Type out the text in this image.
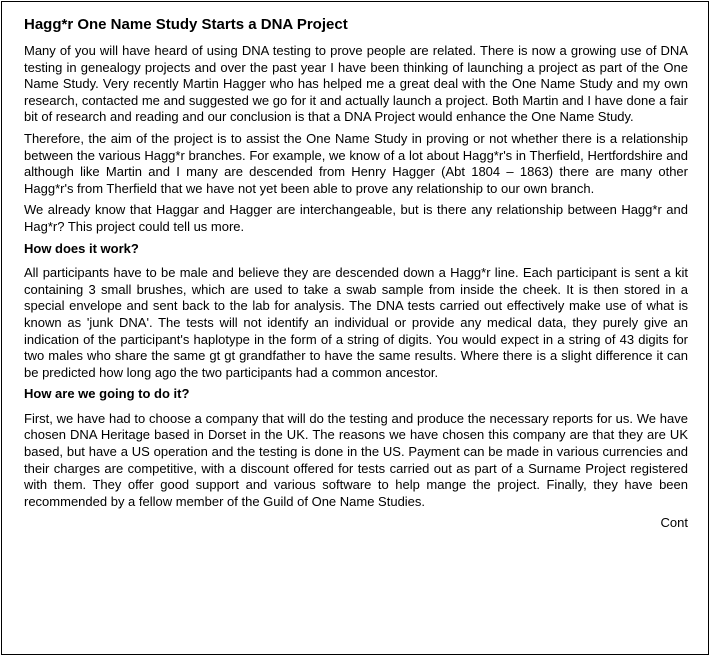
Hagg*r One Name Study Starts a DNA Project

Many of you will have heard of using DNA testing to prove people are related. There is now a growing use of DNA testing in genealogy projects and over the past year I have been thinking of launching a project as part of the One Name Study. Very recently Martin Hagger who has helped me a great deal with the One Name Study and my own research, contacted me and suggested we go for it and actually launch a project. Both Martin and I have done a fair bit of research and reading and our conclusion is that a DNA Project would enhance the One Name Study.

Therefore, the aim of the project is to assist the One Name Study in proving or not whether there is a relationship between the various Hagg*r branches. For example, we know of a lot about Hagg*r's in Therfield, Hertfordshire and although like Martin and I many are descended from Henry Hagger (Abt 1804 – 1863) there are many other Hagg*r's from Therfield that we have not yet been able to prove any relationship to our own branch.

We already know that Haggar and Hagger are interchangeable, but is there any relationship between Hagg*r and Hag*r? This project could tell us more.

How does it work?

All participants have to be male and believe they are descended down a Hagg*r line. Each participant is sent a kit containing 3 small brushes, which are used to take a swab sample from inside the cheek. It is then stored in a special envelope and sent back to the lab for analysis. The DNA tests carried out effectively make use of what is known as 'junk DNA'. The tests will not identify an individual or provide any medical data, they purely give an indication of the participant's haplotype in the form of a string of digits. You would expect in a string of 43 digits for two males who share the same gt gt grandfather to have the same results. Where there is a slight difference it can be predicted how long ago the two participants had a common ancestor.

How are we going to do it?

First, we have had to choose a company that will do the testing and produce the necessary reports for us. We have chosen DNA Heritage based in Dorset in the UK. The reasons we have chosen this company are that they are UK based, but have a US operation and the testing is done in the US. Payment can be made in various currencies and their charges are competitive, with a discount offered for tests carried out as part of a Surname Project registered with them. They offer good support and various software to help mange the project. Finally, they have been recommended by a fellow member of the Guild of One Name Studies.

Cont
